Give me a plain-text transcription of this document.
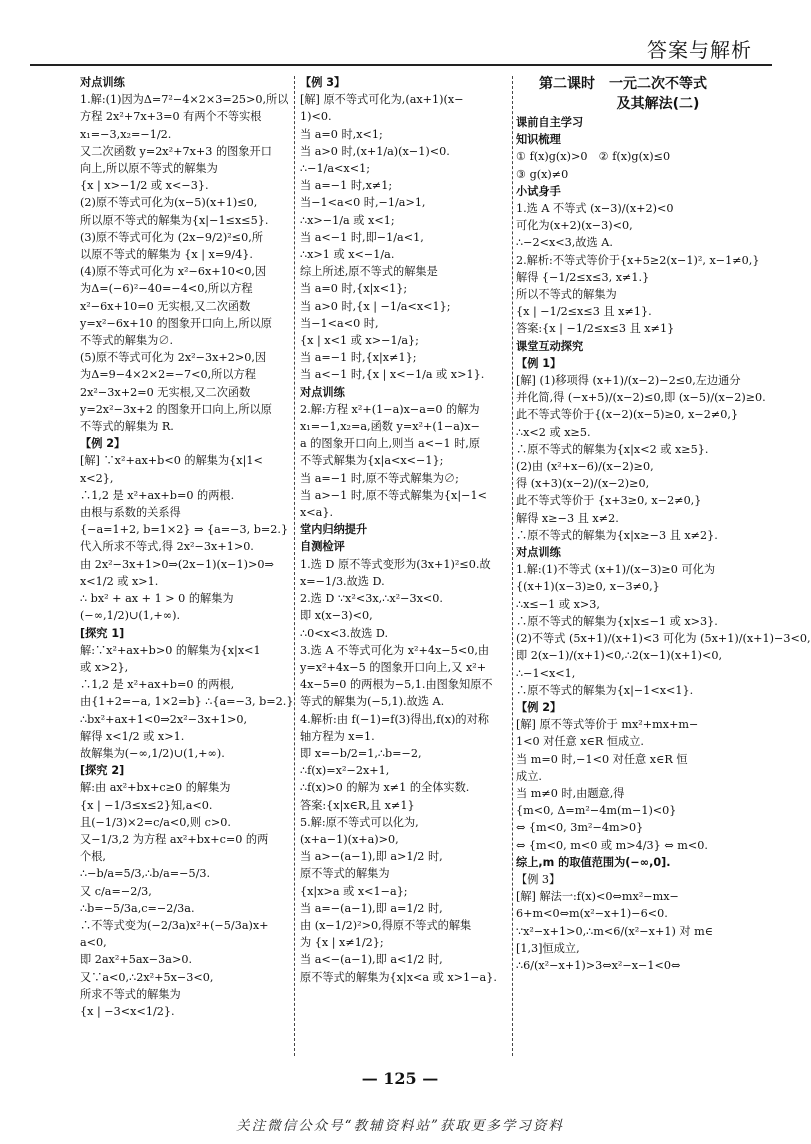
答案与解析
对点训练
1.解:(1)因为Δ=7²−4×2×3=25>0,所以
方程 2x²+7x+3=0 有两个不等实根
x₁=−3,x₂=−1/2.
又二次函数 y=2x²+7x+3 的图象开口
向上,所以原不等式的解集为
{x | x>−1/2 或 x<−3}.
(2)原不等式可化为(x−5)(x+1)≤0,
所以原不等式的解集为{x|−1≤x≤5}.
(3)原不等式可化为 (2x−9/2)²≤0,所
以原不等式的解集为 {x | x=9/4}.
(4)原不等式可化为 x²−6x+10<0,因
为Δ=(−6)²−40=−4<0,所以方程
x²−6x+10=0 无实根,又二次函数
y=x²−6x+10 的图象开口向上,所以原
不等式的解集为∅.
(5)原不等式可化为 2x²−3x+2>0,因
为Δ=9−4×2×2=−7<0,所以方程
2x²−3x+2=0 无实根,又二次函数
y=2x²−3x+2 的图象开口向上,所以原
不等式的解集为 R.
【例 2】
[解] ∵x²+ax+b<0 的解集为{x|1<
x<2},
∴1,2 是 x²+ax+b=0 的两根.
由根与系数的关系得
{−a=1+2, b=1×2} ⇒ {a=−3, b=2.}
代入所求不等式,得 2x²−3x+1>0.
由 2x²−3x+1>0⇒(2x−1)(x−1)>0⇒
x<1/2 或 x>1.
∴ bx² + ax + 1 > 0 的解集为
(−∞,1/2)∪(1,+∞).
[探究 1]
解:∵x²+ax+b>0 的解集为{x|x<1
或 x>2},
∴1,2 是 x²+ax+b=0 的两根,
由{1+2=−a, 1×2=b} ∴{a=−3, b=2.}
∴bx²+ax+1<0⇒2x²−3x+1>0,
解得 x<1/2 或 x>1.
故解集为(−∞,1/2)∪(1,+∞).
[探究 2]
解:由 ax²+bx+c≥0 的解集为
{x | −1/3≤x≤2}知,a<0.
且(−1/3)×2=c/a<0,则 c>0.
又−1/3,2 为方程 ax²+bx+c=0 的两
个根,
∴−b/a=5/3,∴b/a=−5/3.
又 c/a=−2/3,
∴b=−5/3a,c=−2/3a.
∴不等式变为(−2/3a)x²+(−5/3a)x+
a<0,
即 2ax²+5ax−3a>0.
又∵a<0,∴2x²+5x−3<0,
所求不等式的解集为
{x | −3<x<1/2}.
【例 3】
[解] 原不等式可化为,(ax+1)(x−
1)<0.
当 a=0 时,x<1;
当 a>0 时,(x+1/a)(x−1)<0.
∴−1/a<x<1;
当 a=−1 时,x≠1;
当−1<a<0 时,−1/a>1,
∴x>−1/a 或 x<1;
当 a<−1 时,即−1/a<1,
∴x>1 或 x<−1/a.
综上所述,原不等式的解集是
当 a=0 时,{x|x<1};
当 a>0 时,{x | −1/a<x<1};
当−1<a<0 时,
{x | x<1 或 x>−1/a};
当 a=−1 时,{x|x≠1};
当 a<−1 时,{x | x<−1/a 或 x>1}.
对点训练
2.解:方程 x²+(1−a)x−a=0 的解为
x₁=−1,x₂=a,函数 y=x²+(1−a)x−
a 的图象开口向上,则当 a<−1 时,原
不等式解集为{x|a<x<−1};
当 a=−1 时,原不等式解集为∅;
当 a>−1 时,原不等式解集为{x|−1<
x<a}.
堂内归纳提升
自测检评
1.选 D 原不等式变形为(3x+1)²≤0.故
x=−1/3.故选 D.
2.选 D ∵x²<3x,∴x²−3x<0.
即 x(x−3)<0,
∴0<x<3.故选 D.
3.选 A 不等式可化为 x²+4x−5<0,由
y=x²+4x−5 的图象开口向上,又 x²+
4x−5=0 的两根为−5,1.由图象知原不
等式的解集为(−5,1).故选 A.
4.解析:由 f(−1)=f(3)得出,f(x)的对称
轴方程为 x=1.
即 x=−b/2=1,∴b=−2,
∴f(x)=x²−2x+1,
∴f(x)>0 的解为 x≠1 的全体实数.
答案:{x|x∈R,且 x≠1}
5.解:原不等式可以化为,
(x+a−1)(x+a)>0,
当 a>−(a−1),即 a>1/2 时,
原不等式的解集为
{x|x>a 或 x<1−a};
当 a=−(a−1),即 a=1/2 时,
由 (x−1/2)²>0,得原不等式的解集
为 {x | x≠1/2};
当 a<−(a−1),即 a<1/2 时,
原不等式的解集为{x|x<a 或 x>1−a}.
第二课时　一元二次不等式
及其解法(二)
课前自主学习
知识梳理
① f(x)g(x)>0　② f(x)g(x)≤0
③ g(x)≠0
小试身手
1.选 A 不等式 (x−3)/(x+2)<0
可化为(x+2)(x−3)<0,
∴−2<x<3,故选 A.
2.解析:不等式等价于{x+5≥2(x−1)², x−1≠0,}
解得 {−1/2≤x≤3, x≠1.}
所以不等式的解集为
{x | −1/2≤x≤3 且 x≠1}.
答案:{x | −1/2≤x≤3 且 x≠1}
课堂互动探究
【例 1】
[解] (1)移项得 (x+1)/(x−2)−2≤0,左边通分
并化简,得 (−x+5)/(x−2)≤0,即 (x−5)/(x−2)≥0.
此不等式等价于{(x−2)(x−5)≥0, x−2≠0,}
∴x<2 或 x≥5.
∴原不等式的解集为{x|x<2 或 x≥5}.
(2)由 (x²+x−6)/(x−2)≥0,
得 (x+3)(x−2)/(x−2)≥0,
此不等式等价于 {x+3≥0, x−2≠0,}
解得 x≥−3 且 x≠2.
∴原不等式的解集为{x|x≥−3 且 x≠2}.
对点训练
1.解:(1)不等式 (x+1)/(x−3)≥0 可化为
{(x+1)(x−3)≥0, x−3≠0,}
∴x≤−1 或 x>3,
∴原不等式的解集为{x|x≤−1 或 x>3}.
(2)不等式 (5x+1)/(x+1)<3 可化为 (5x+1)/(x+1)−3<0,
即 2(x−1)/(x+1)<0,∴2(x−1)(x+1)<0,
∴−1<x<1,
∴原不等式的解集为{x|−1<x<1}.
【例 2】
[解] 原不等式等价于 mx²+mx+m−
1<0 对任意 x∈R 恒成立.
当 m=0 时,−1<0 对任意 x∈R 恒
成立.
当 m≠0 时,由题意,得
{m<0, Δ=m²−4m(m−1)<0}
⇔ {m<0, 3m²−4m>0}
⇔ {m<0, m<0 或 m>4/3} ⇔ m<0.
综上,m 的取值范围为(−∞,0].
【例 3】
[解] 解法一:f(x)<0⇔mx²−mx−
6+m<0⇔m(x²−x+1)−6<0.
∵x²−x+1>0,∴m<6/(x²−x+1) 对 m∈
[1,3]恒成立,
∴6/(x²−x+1)>3⇔x²−x−1<0⇔
— 125 —
关注微信公众号“教辅资料站”获取更多学习资料
